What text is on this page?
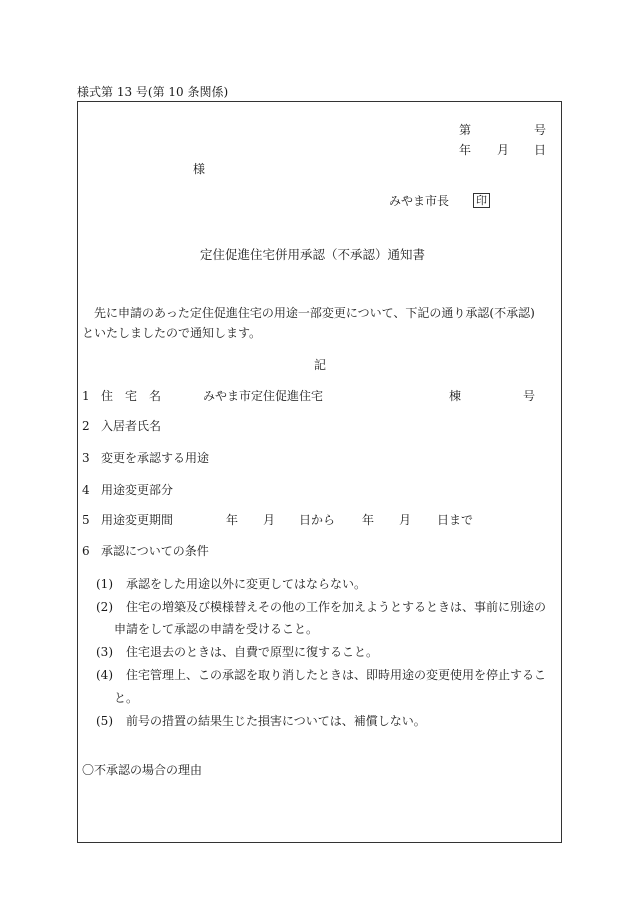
様式第 13 号(第 10 条関係)
第	号
年 月 日
様
みやま市長 印
定住促進住宅併用承認（不承認）通知書
先に申請のあった定住促進住宅の用途一部変更について、下記の通り承認(不承認)
といたしましたので通知します。
記
1 住　宅　名	みやま市定住促進住宅	棟	号
2 入居者氏名
3 変更を承認する用途
4 用途変更部分
5 用途変更期間	年 月 日から 年 月 日まで
6 承認についての条件
(1) 承認をした用途以外に変更してはならない。
(2) 住宅の増築及び模様替えその他の工作を加えようとするときは、事前に別途の
申請をして承認の申請を受けること。
(3) 住宅退去のときは、自費で原型に復すること。
(4) 住宅管理上、この承認を取り消したときは、即時用途の変更使用を停止するこ
と。
(5) 前号の措置の結果生じた損害については、補償しない。
〇不承認の場合の理由
